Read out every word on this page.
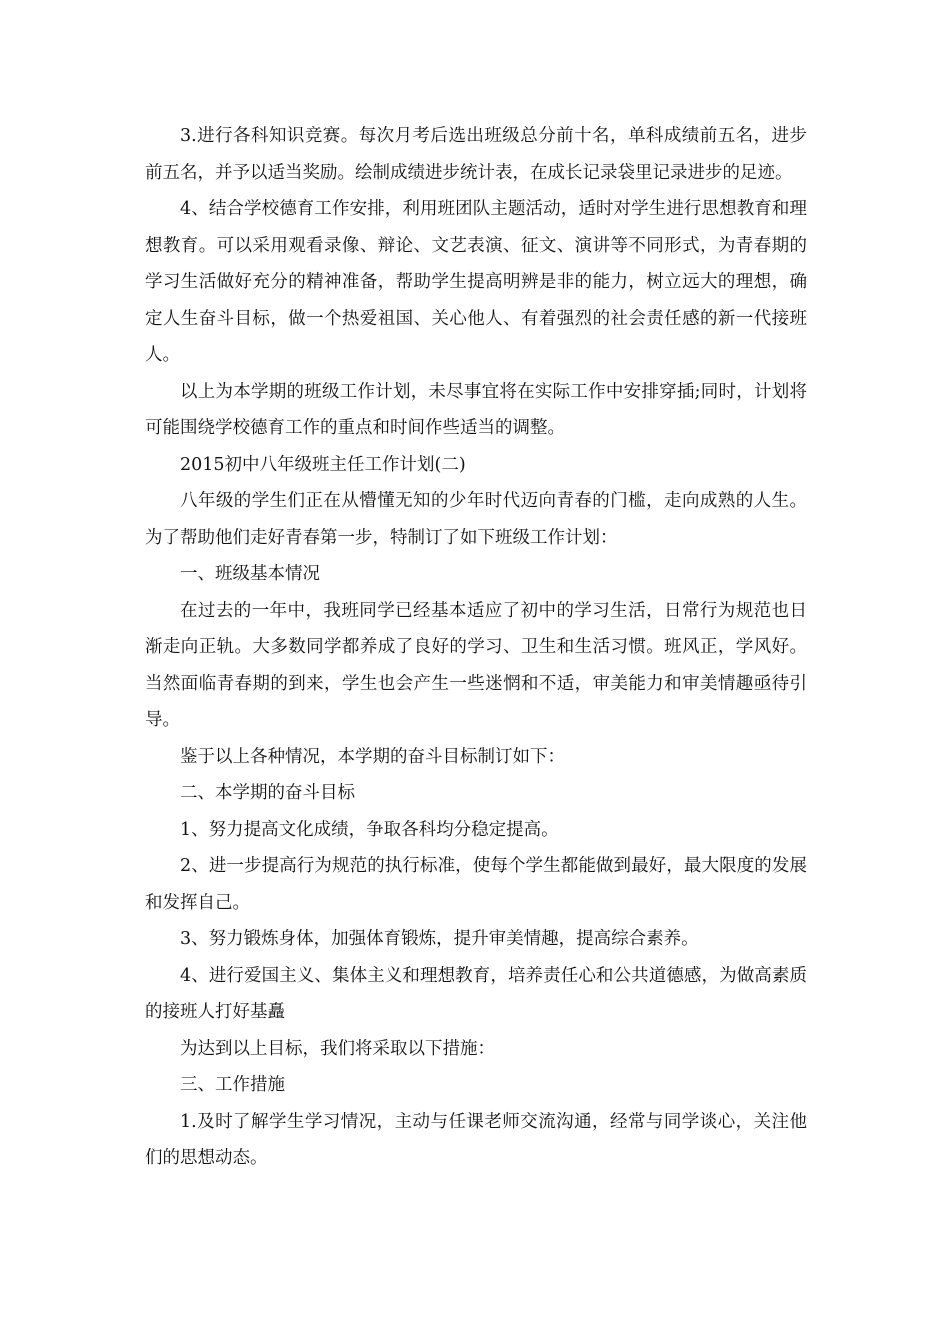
3.进行各科知识竞赛。每次月考后选出班级总分前十名，单科成绩前五名，进步前五名，并予以适当奖励。绘制成绩进步统计表，在成长记录袋里记录进步的足迹。

4、结合学校德育工作安排，利用班团队主题活动，适时对学生进行思想教育和理想教育。可以采用观看录像、辩论、文艺表演、征文、演讲等不同形式，为青春期的学习生活做好充分的精神准备，帮助学生提高明辨是非的能力，树立远大的理想，确定人生奋斗目标，做一个热爱祖国、关心他人、有着强烈的社会责任感的新一代接班人。

以上为本学期的班级工作计划，未尽事宜将在实际工作中安排穿插;同时，计划将可能围绕学校德育工作的重点和时间作些适当的调整。

2015初中八年级班主任工作计划(二)

八年级的学生们正在从懵懂无知的少年时代迈向青春的门槛，走向成熟的人生。为了帮助他们走好青春第一步，特制订了如下班级工作计划：

一、班级基本情况

在过去的一年中，我班同学已经基本适应了初中的学习生活，日常行为规范也日渐走向正轨。大多数同学都养成了良好的学习、卫生和生活习惯。班风正，学风好。当然面临青春期的到来，学生也会产生一些迷惘和不适，审美能力和审美情趣亟待引导。

鉴于以上各种情况，本学期的奋斗目标制订如下：

二、本学期的奋斗目标

1、努力提高文化成绩，争取各科均分稳定提高。

2、进一步提高行为规范的执行标准，使每个学生都能做到最好，最大限度的发展和发挥自己。

3、努力锻炼身体，加强体育锻炼，提升审美情趣，提高综合素养。

4、进行爱国主义、集体主义和理想教育，培养责任心和公共道德感，为做高素质的接班人打好基矗

为达到以上目标，我们将采取以下措施：

三、工作措施

1.及时了解学生学习情况，主动与任课老师交流沟通，经常与同学谈心，关注他们的思想动态。
